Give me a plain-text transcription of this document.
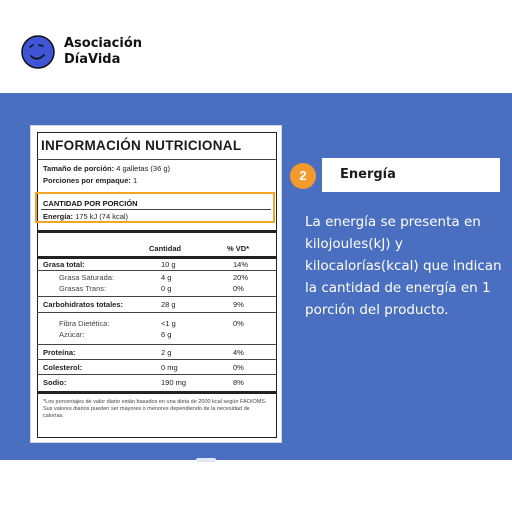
Asociación
DíaVida
INFORMACIÓN NUTRICIONAL
Tamaño de porción: 4 galletas (36 g)
Porciones por empaque: 1
CANTIDAD POR PORCIÓN
Energía: 175 kJ (74 kcal)
Cantidad	% VD*
Grasa total:	10 g	14%
Grasa Saturada:	4 g	20%
Grasas Trans:	0 g	0%
Carbohidratos totales:	28 g	9%
Fibra Dietética:	<1 g	0%
Azúcar:	6 g
Proteína:	2 g	4%
Colesterol:	0 mg	0%
Sodio:	190 mg	8%
*Los porcentajes de valor diario están basados en una dieta de 2000 kcal según FAO/OMS. Sus valores diarios pueden ser mayores o menores dependiendo de la necesidad de calorías.
2	Energía
La energía se presenta en kilojoules(kJ) y kilocalorías(kcal) que indican la cantidad de energía en 1 porción del producto.
